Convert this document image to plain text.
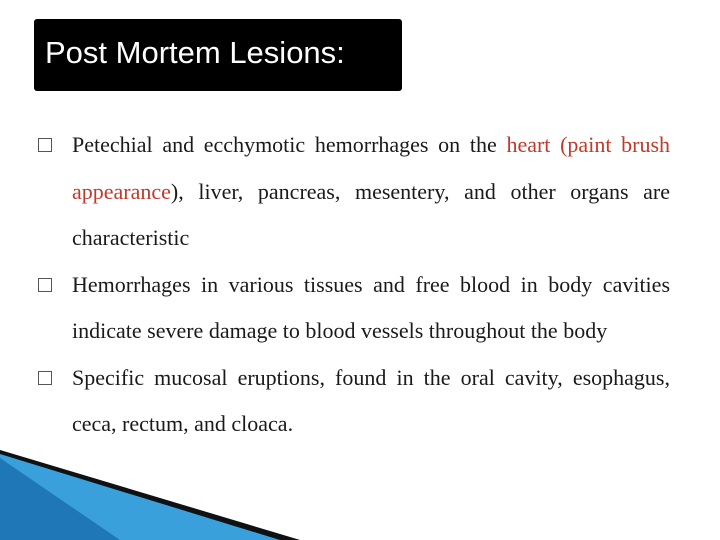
Post Mortem Lesions:
Petechial and ecchymotic hemorrhages on the heart (paint brush appearance), liver, pancreas, mesentery, and other organs are characteristic
Hemorrhages in various tissues and free blood in body cavities indicate severe damage to blood vessels throughout the body
Specific mucosal eruptions, found in the oral cavity, esophagus, ceca, rectum, and cloaca.
